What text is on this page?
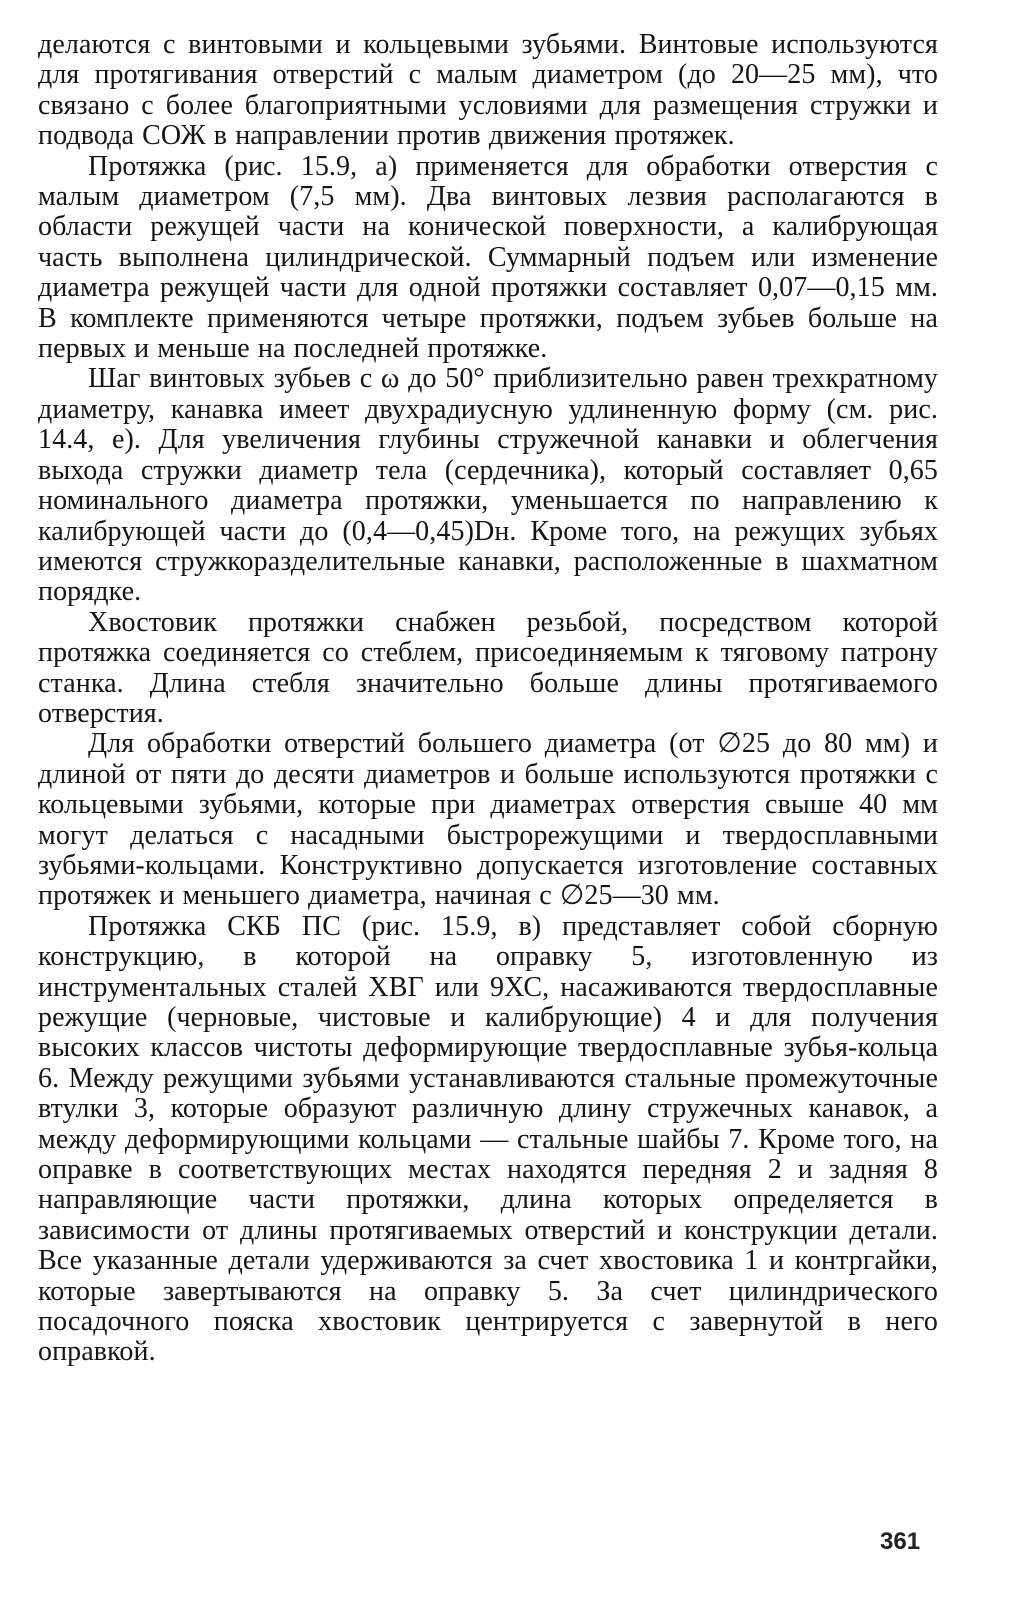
делаются с винтовыми и кольцевыми зубьями. Винтовые используются для протягивания отверстий с малым диаметром (до 20—25 мм), что связано с более благоприятными условиями для размещения стружки и подвода СОЖ в направлении против движения протяжек.

Протяжка (рис. 15.9, а) применяется для обработки отверстия с малым диаметром (7,5 мм). Два винтовых лезвия располагаются в области режущей части на конической поверхности, а калибрующая часть выполнена цилиндрической. Суммарный подъем или изменение диаметра режущей части для одной протяжки составляет 0,07—0,15 мм. В комплекте применяются четыре протяжки, подъем зубьев больше на первых и меньше на последней протяжке.

Шаг винтовых зубьев с ω до 50° приблизительно равен трехкратному диаметру, канавка имеет двухрадиусную удлиненную форму (см. рис. 14.4, е). Для увеличения глубины стружечной канавки и облегчения выхода стружки диаметр тела (сердечника), который составляет 0,65 номинального диаметра протяжки, уменьшается по направлению к калибрующей части до (0,4—0,45)Dн. Кроме того, на режущих зубьях имеются стружкоразделительные канавки, расположенные в шахматном порядке.

Хвостовик протяжки снабжен резьбой, посредством которой протяжка соединяется со стеблем, присоединяемым к тяговому патрону станка. Длина стебля значительно больше длины протягиваемого отверстия.

Для обработки отверстий большего диаметра (от ∅25 до 80 мм) и длиной от пяти до десяти диаметров и больше используются протяжки с кольцевыми зубьями, которые при диаметрах отверстия свыше 40 мм могут делаться с насадными быстрорежущими и твердосплавными зубьями-кольцами. Конструктивно допускается изготовление составных протяжек и меньшего диаметра, начиная с ∅25—30 мм.

Протяжка СКБ ПС (рис. 15.9, в) представляет собой сборную конструкцию, в которой на оправку 5, изготовленную из инструментальных сталей ХВГ или 9ХС, насаживаются твердосплавные режущие (черновые, чистовые и калибрующие) 4 и для получения высоких классов чистоты деформирующие твердосплавные зубья-кольца 6. Между режущими зубьями устанавливаются стальные промежуточные втулки 3, которые образуют различную длину стружечных канавок, а между деформирующими кольцами — стальные шайбы 7. Кроме того, на оправке в соответствующих местах находятся передняя 2 и задняя 8 направляющие части протяжки, длина которых определяется в зависимости от длины протягиваемых отверстий и конструкции детали. Все указанные детали удерживаются за счет хвостовика 1 и контргайки, которые завертываются на оправку 5. За счет цилиндрического посадочного пояска хвостовик центрируется с завернутой в него оправкой.

361
